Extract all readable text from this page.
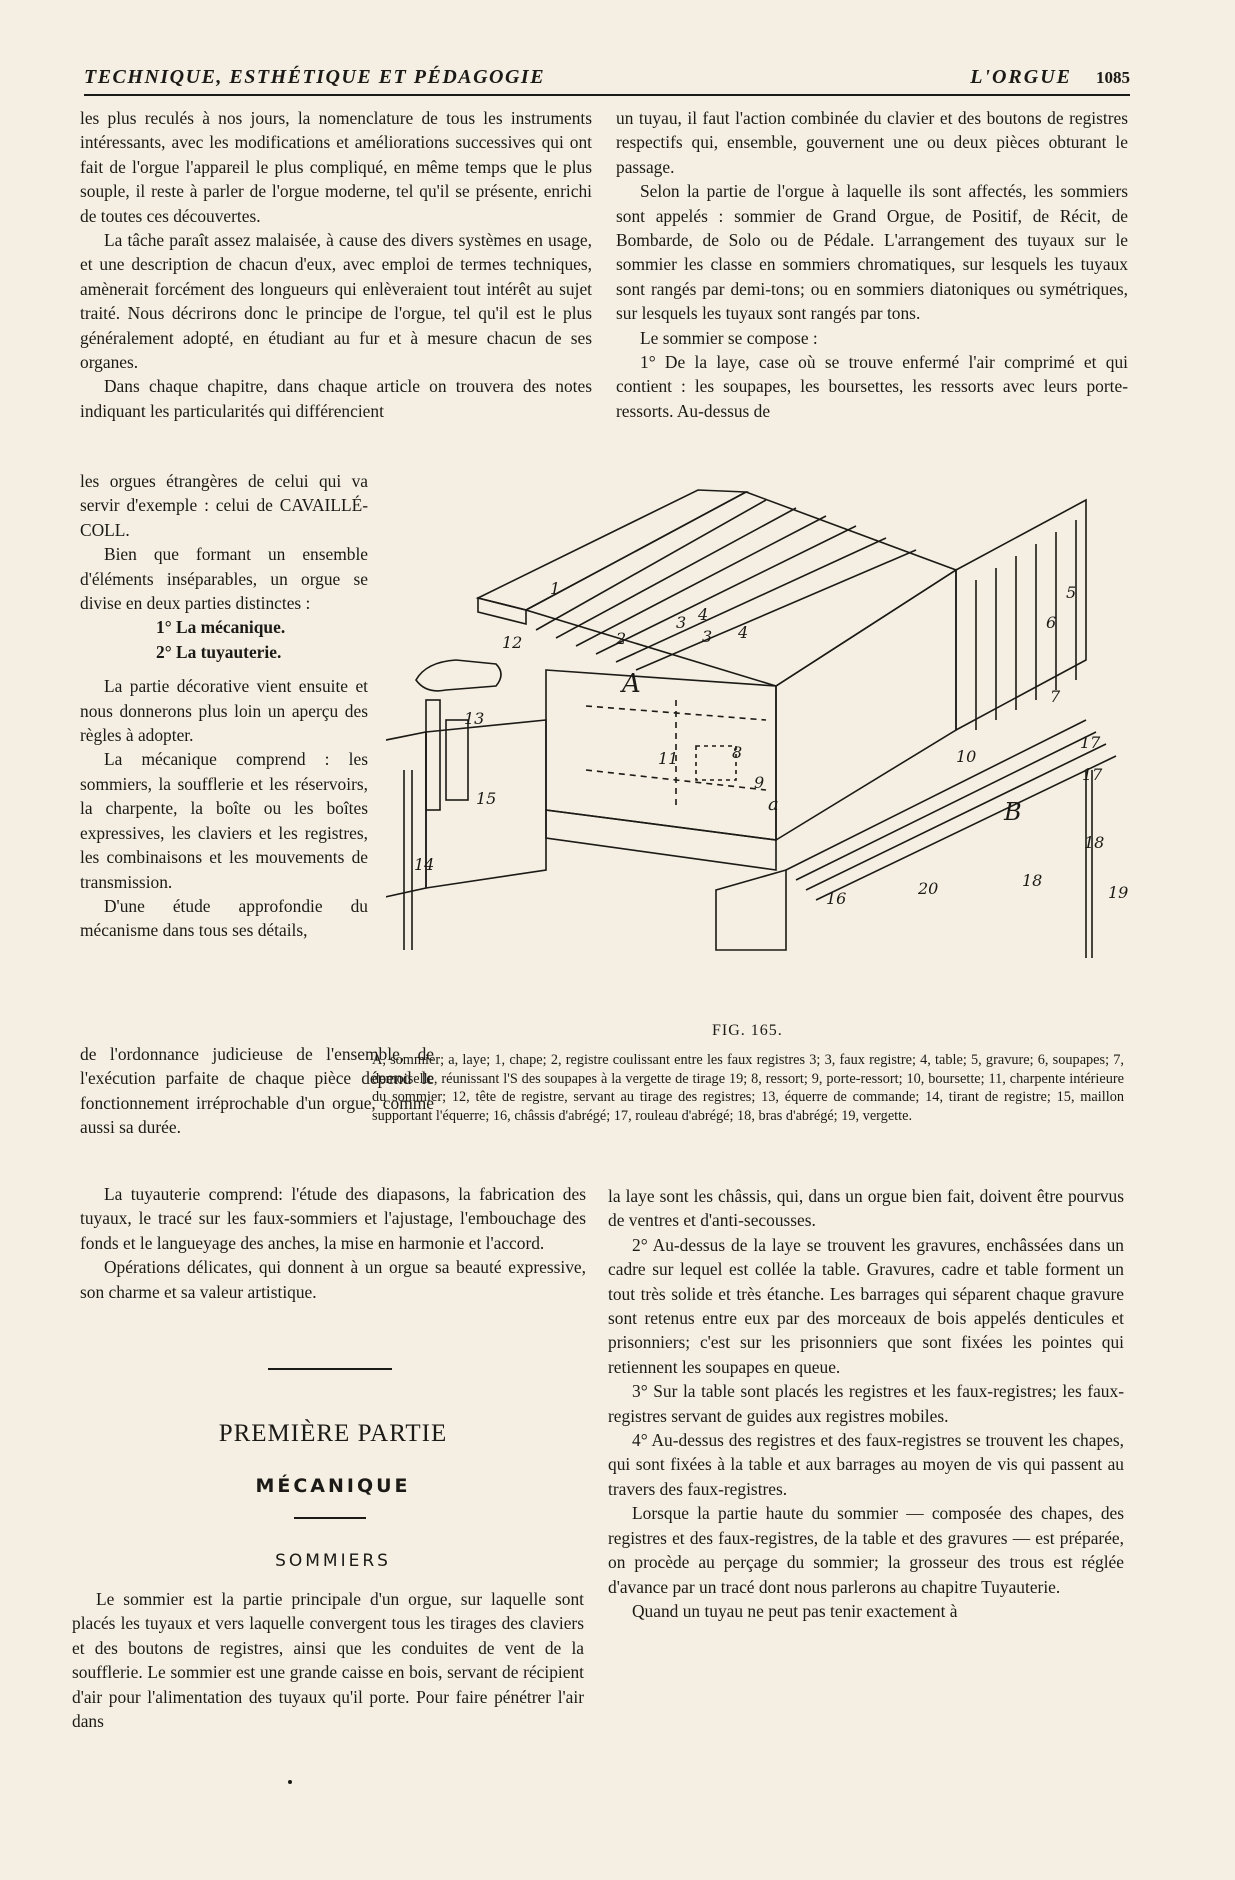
TECHNIQUE, ESTHÉTIQUE ET PÉDAGOGIE	L'ORGUE 1085

les plus reculés à nos jours, la nomenclature de tous les instruments intéressants, avec les modifications et améliorations successives qui ont fait de l'orgue l'appareil le plus compliqué, en même temps que le plus souple, il reste à parler de l'orgue moderne, tel qu'il se présente, enrichi de toutes ces découvertes.

La tâche paraît assez malaisée, à cause des divers systèmes en usage, et une description de chacun d'eux, avec emploi de termes techniques, amènerait forcément des longueurs qui enlèveraient tout intérêt au sujet traité. Nous décrirons donc le principe de l'orgue, tel qu'il est le plus généralement adopté, en étudiant au fur et à mesure chacun de ses organes.

Dans chaque chapitre, dans chaque article on trouvera des notes indiquant les particularités qui différencient

les orgues étrangères de celui qui va servir d'exemple : celui de CAVAILLÉ-COLL.

Bien que formant un ensemble d'éléments inséparables, un orgue se divise en deux parties distinctes :

1° La mécanique.

2° La tuyauterie.

La partie décorative vient ensuite et nous donnerons plus loin un aperçu des règles à adopter.

La mécanique comprend : les sommiers, la soufflerie et les réservoirs, la charpente, la boîte ou les boîtes expressives, les claviers et les registres, les combinaisons et les mouvements de transmission.

D'une étude approfondie du mécanisme dans tous ses détails,

de l'ordonnance judicieuse de l'ensemble, de l'exécution parfaite de chaque pièce dépend le fonctionnement irréprochable d'un orgue, comme aussi sa durée.

La tuyauterie comprend: l'étude des diapasons, la fabrication des tuyaux, le tracé sur les faux-sommiers et l'ajustage, l'embouchage des fonds et le langueyage des anches, la mise en harmonie et l'accord.

Opérations délicates, qui donnent à un orgue sa beauté expressive, son charme et sa valeur artistique.

un tuyau, il faut l'action combinée du clavier et des boutons de registres respectifs qui, ensemble, gouvernent une ou deux pièces obturant le passage.

Selon la partie de l'orgue à laquelle ils sont affectés, les sommiers sont appelés : sommier de Grand Orgue, de Positif, de Récit, de Bombarde, de Solo ou de Pédale. L'arrangement des tuyaux sur le sommier les classe en sommiers chromatiques, sur lesquels les tuyaux sont rangés par demi-tons; ou en sommiers diatoniques ou symétriques, sur lesquels les tuyaux sont rangés par tons.

Le sommier se compose :

1° De la laye, case où se trouve enfermé l'air comprimé et qui contient : les soupapes, les boursettes, les ressorts avec leurs porte-ressorts. Au-dessus de

1
2
3
3
4
4
5
6
7
8
9
10
11
12
13
14
15
16
17
17
18
18
19
20
A
B
a
FIG. 165.
A, sommier; a, laye; 1, chape; 2, registre coulissant entre les faux registres 3; 3, faux registre; 4, table; 5, gravure; 6, soupapes; 7, demoiselle, réunissant l'S des soupapes à la vergette de tirage 19; 8, ressort; 9, porte-ressort; 10, boursette; 11, charpente intérieure du sommier; 12, tête de registre, servant au tirage des registres; 13, équerre de commande; 14, tirant de registre; 15, maillon supportant l'équerre; 16, châssis d'abrégé; 17, rouleau d'abrégé; 18, bras d'abrégé; 19, vergette.
PREMIÈRE PARTIE
MÉCANIQUE
SOMMIERS

Le sommier est la partie principale d'un orgue, sur laquelle sont placés les tuyaux et vers laquelle convergent tous les tirages des claviers et des boutons de registres, ainsi que les conduites de vent de la soufflerie. Le sommier est une grande caisse en bois, servant de récipient d'air pour l'alimentation des tuyaux qu'il porte. Pour faire pénétrer l'air dans

la laye sont les châssis, qui, dans un orgue bien fait, doivent être pourvus de ventres et d'anti-secousses.

2° Au-dessus de la laye se trouvent les gravures, enchâssées dans un cadre sur lequel est collée la table. Gravures, cadre et table forment un tout très solide et très étanche. Les barrages qui séparent chaque gravure sont retenus entre eux par des morceaux de bois appelés denticules et prisonniers; c'est sur les prisonniers que sont fixées les pointes qui retiennent les soupapes en queue.

3° Sur la table sont placés les registres et les faux-registres; les faux-registres servant de guides aux registres mobiles.

4° Au-dessus des registres et des faux-registres se trouvent les chapes, qui sont fixées à la table et aux barrages au moyen de vis qui passent au travers des faux-registres.

Lorsque la partie haute du sommier — composée des chapes, des registres et des faux-registres, de la table et des gravures — est préparée, on procède au perçage du sommier; la grosseur des trous est réglée d'avance par un tracé dont nous parlerons au chapitre Tuyauterie.

Quand un tuyau ne peut pas tenir exactement à
